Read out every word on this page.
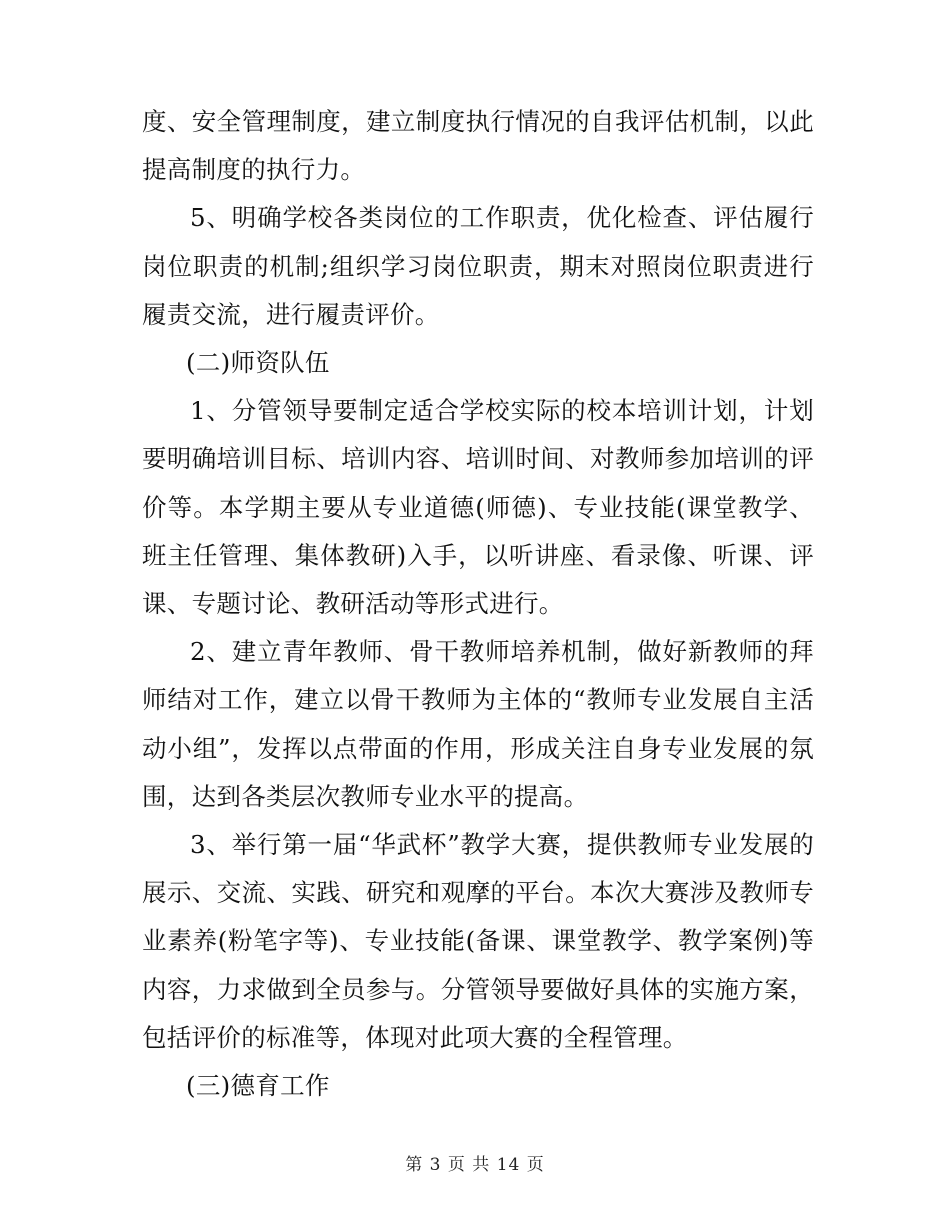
度、安全管理制度，建立制度执行情况的自我评估机制，以此提高制度的执行力。

5、明确学校各类岗位的工作职责，优化检查、评估履行岗位职责的机制;组织学习岗位职责，期末对照岗位职责进行履责交流，进行履责评价。

(二)师资队伍

1、分管领导要制定适合学校实际的校本培训计划，计划要明确培训目标、培训内容、培训时间、对教师参加培训的评价等。本学期主要从专业道德(师德)、专业技能(课堂教学、班主任管理、集体教研)入手，以听讲座、看录像、听课、评课、专题讨论、教研活动等形式进行。

2、建立青年教师、骨干教师培养机制，做好新教师的拜师结对工作，建立以骨干教师为主体的“教师专业发展自主活动小组”，发挥以点带面的作用，形成关注自身专业发展的氛围，达到各类层次教师专业水平的提高。

3、举行第一届“华武杯”教学大赛，提供教师专业发展的展示、交流、实践、研究和观摩的平台。本次大赛涉及教师专业素养(粉笔字等)、专业技能(备课、课堂教学、教学案例)等内容，力求做到全员参与。分管领导要做好具体的实施方案，包括评价的标准等，体现对此项大赛的全程管理。

(三)德育工作

第 3 页 共 14 页
